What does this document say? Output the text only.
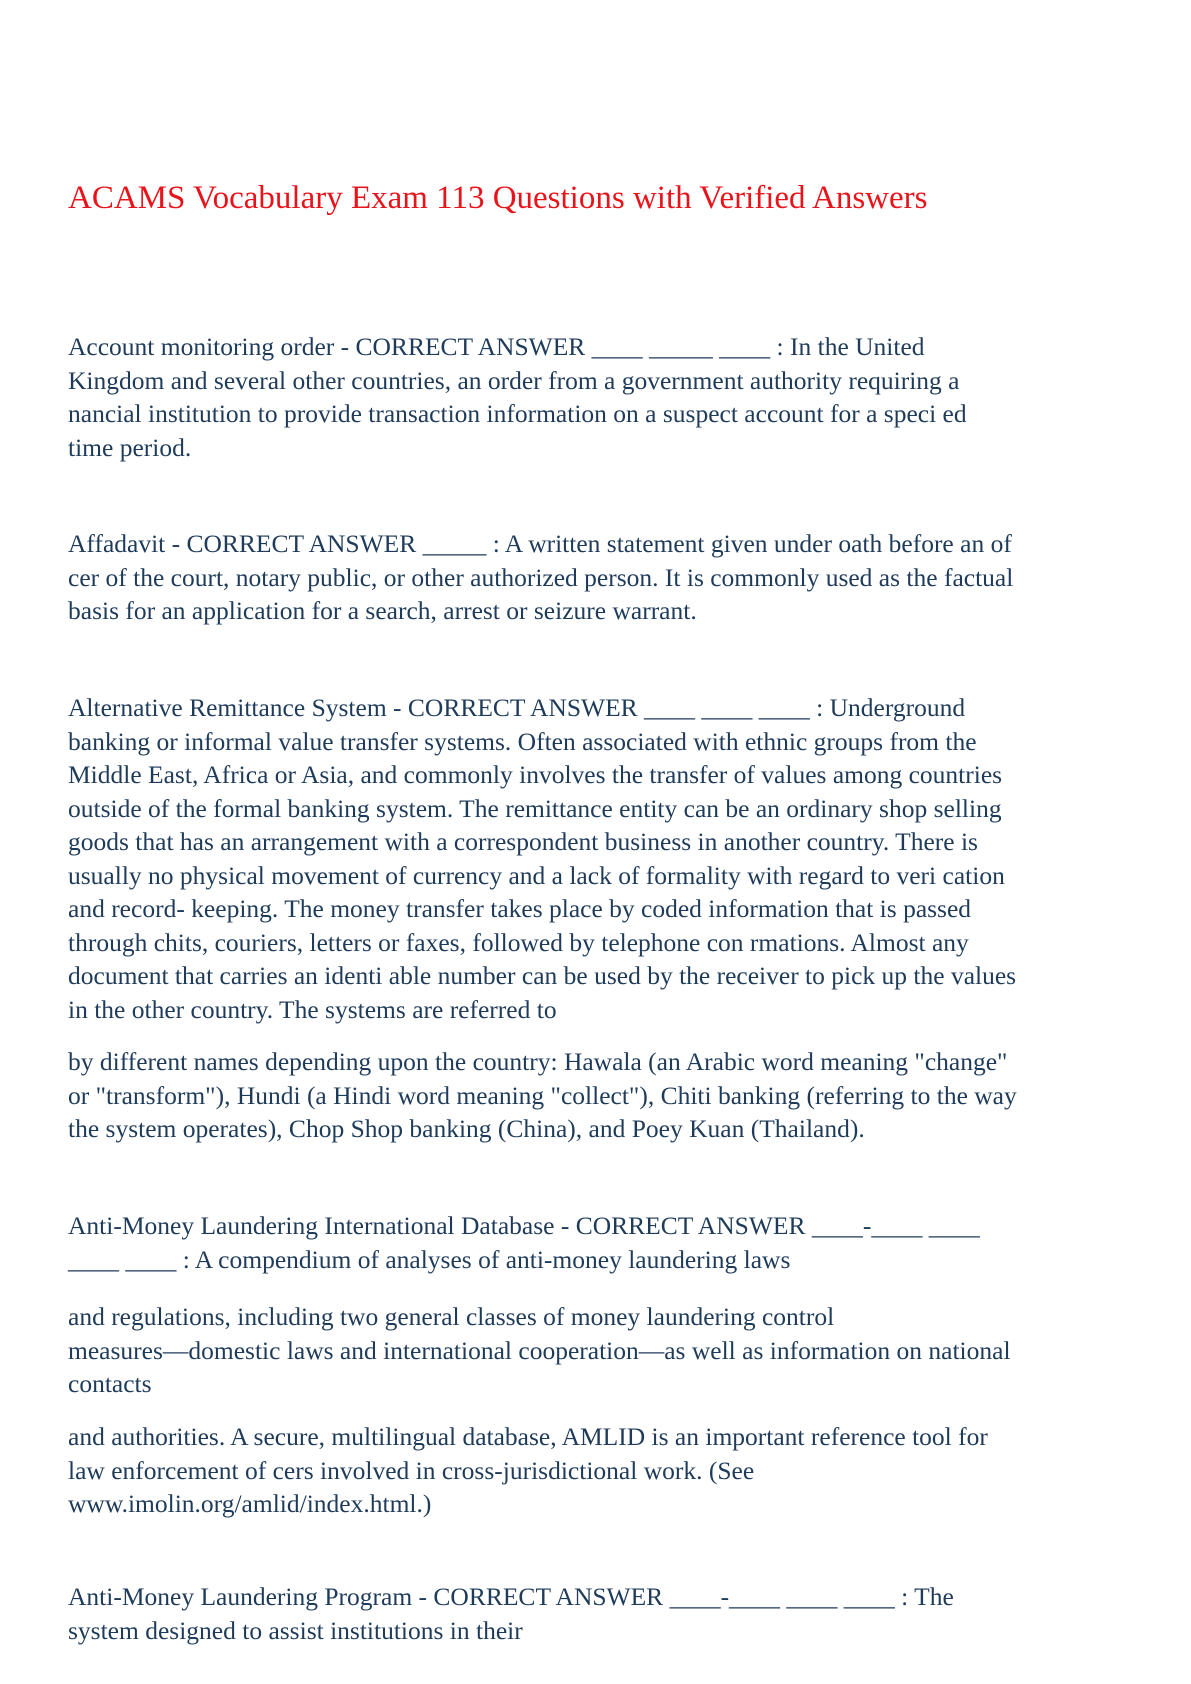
ACAMS Vocabulary Exam 113 Questions with Verified Answers

Account monitoring order - CORRECT ANSWER ____ _____ ____ : In the United
Kingdom and several other countries, an order from a government authority requiring a
nancial institution to provide transaction information on a suspect account for a speci ed
time period.

Affadavit - CORRECT ANSWER _____ : A written statement given under oath before an of
cer of the court, notary public, or other authorized person. It is commonly used as the factual
basis for an application for a search, arrest or seizure warrant.

Alternative Remittance System - CORRECT ANSWER ____ ____ ____ : Underground
banking or informal value transfer systems. Often associated with ethnic groups from the
Middle East, Africa or Asia, and commonly involves the transfer of values among countries
outside of the formal banking system. The remittance entity can be an ordinary shop selling
goods that has an arrangement with a correspondent business in another country. There is
usually no physical movement of currency and a lack of formality with regard to veri cation
and record- keeping. The money transfer takes place by coded information that is passed
through chits, couriers, letters or faxes, followed by telephone con rmations. Almost any
document that carries an identi able number can be used by the receiver to pick up the values
in the other country. The systems are referred to

by different names depending upon the country: Hawala (an Arabic word meaning "change"
or "transform"), Hundi (a Hindi word meaning "collect"), Chiti banking (referring to the way
the system operates), Chop Shop banking (China), and Poey Kuan (Thailand).

Anti-Money Laundering International Database - CORRECT ANSWER ____-____ ____
____ ____ : A compendium of analyses of anti-money laundering laws

and regulations, including two general classes of money laundering control
measures—domestic laws and international cooperation—as well as information on national
contacts

and authorities. A secure, multilingual database, AMLID is an important reference tool for
law enforcement of cers involved in cross-jurisdictional work. (See
www.imolin.org/amlid/index.html.)

Anti-Money Laundering Program - CORRECT ANSWER ____-____ ____ ____ : The
system designed to assist institutions in their
